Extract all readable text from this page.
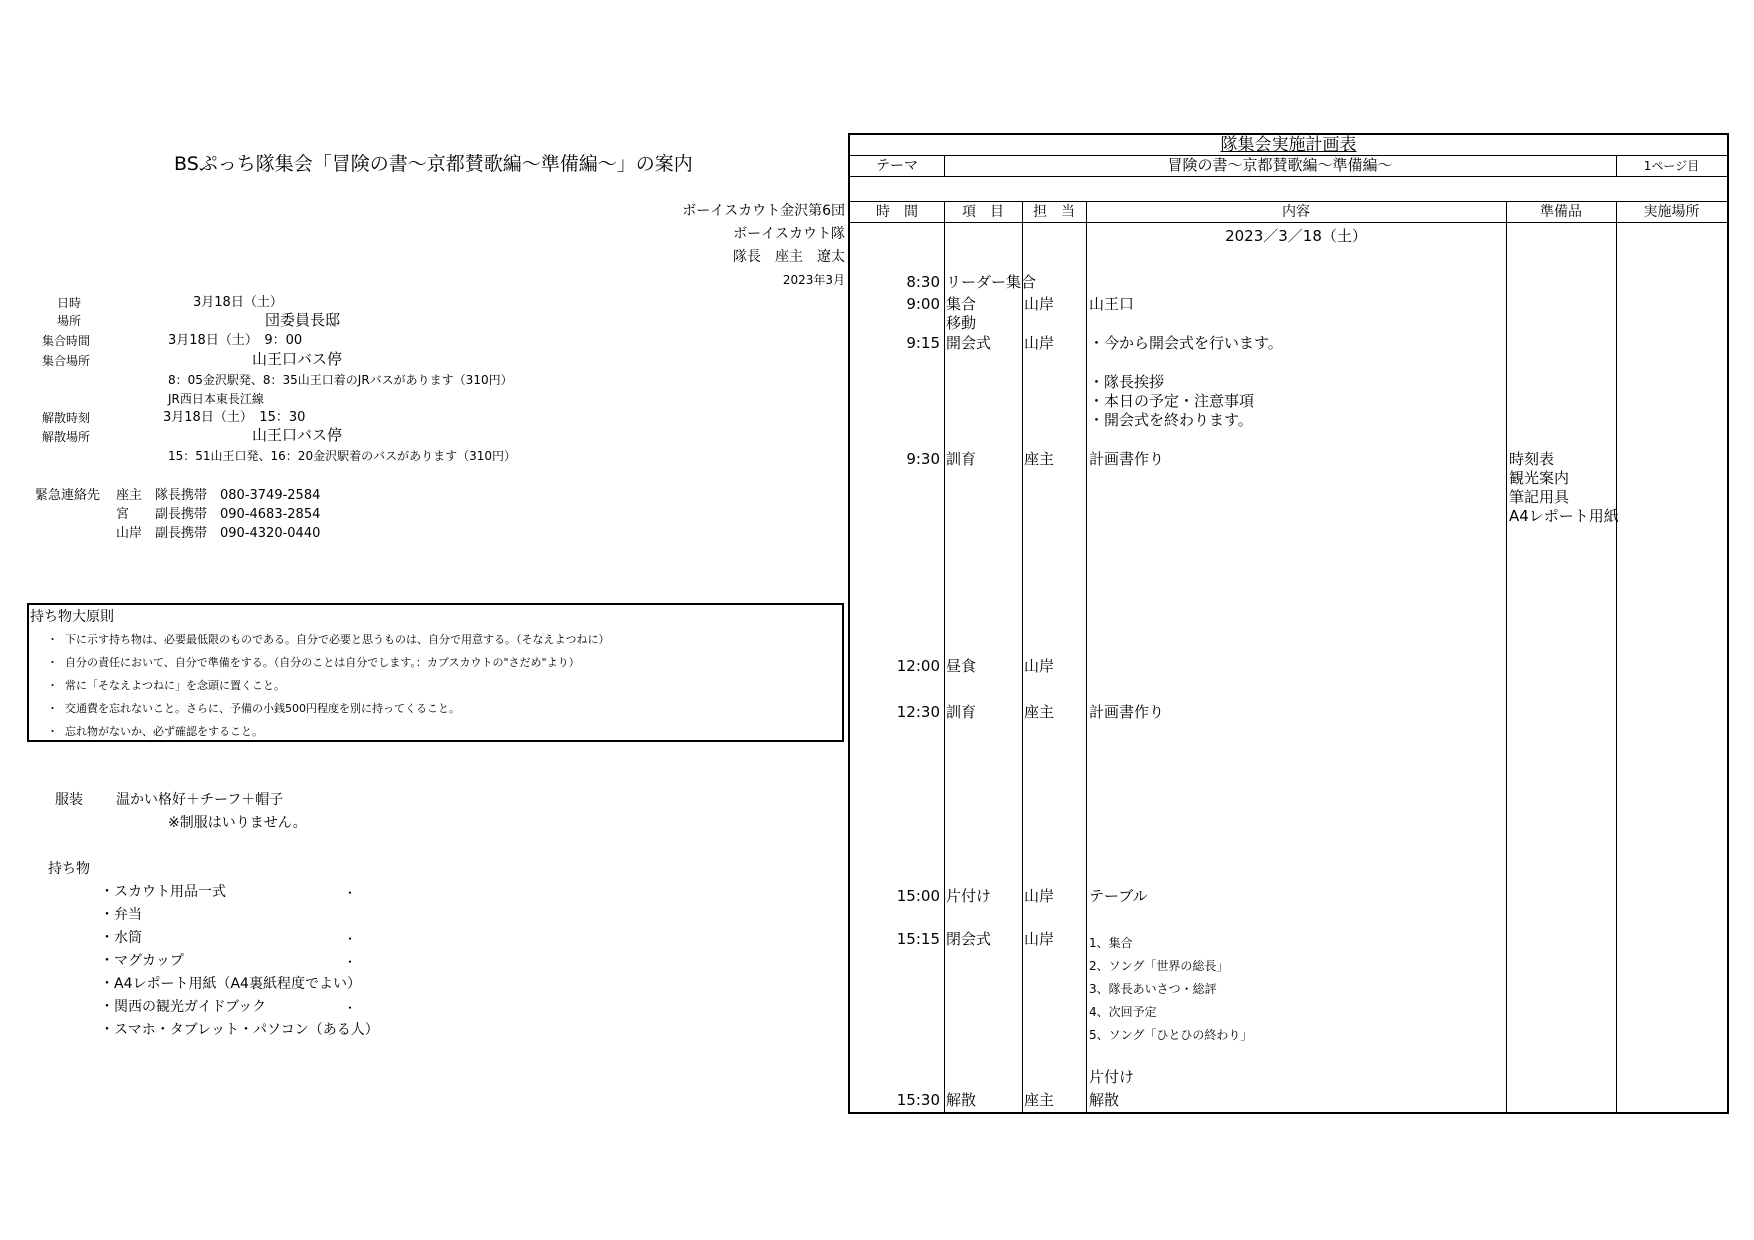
BSぷっち隊集会「冒険の書～京都賛歌編～準備編～」の案内
ボーイスカウト金沢第6団
ボーイスカウト隊
隊長　座主　遼太
2023年3月
日時	3月18日（土）
場所	団委員長邸
集合時間	3月18日（土）　9：00
集合場所	山王口バス停
8：05金沢駅発、8：35山王口着のJRバスがあります（310円）
JR西日本東長江線
解散時刻	3月18日（土）　15：30
解散場所	山王口バス停
15：51山王口発、16：20金沢駅着のバスがあります（310円）
緊急連絡先 座主　隊長携帯　080-3749-2584
宮　　副長携帯　090-4683-2854
山岸　副長携帯　090-4320-0440
持ち物大原則
・ 下に示す持ち物は、必要最低限のものである。自分で必要と思うものは、自分で用意する。（そなえよつねに）
・ 自分の責任において、自分で準備をする。（自分のことは自分でします。：カブスカウトの"さだめ"より）
・ 常に「そなえよつねに」を念頭に置くこと。
・ 交通費を忘れないこと。さらに、予備の小銭500円程度を別に持ってくること。
・ 忘れ物がないか、必ず確認をすること。
服装 温かい格好＋チーフ＋帽子
※制服はいりません。
持ち物
・スカウト用品一式
・弁当
・水筒
・マグカップ
・A4レポート用紙（A4裏紙程度でよい）
・関西の観光ガイドブック
・スマホ・タブレット・パソコン（ある人）
・
・
・
・
隊集会実施計画表
テーマ	冒険の書～京都賛歌編～準備編～	1ページ目
時　間	項　目	担　当	内容	準備品	実施場所
2023／3／18（土）
8:30 リーダー集合
9:00 集合	山岸 山王口
移動
9:15 開会式 山岸 ・今から開会式を行います。
・隊長挨拶
・本日の予定・注意事項
・開会式を終わります。
9:30 訓育	座主 計画書作り	時刻表
観光案内
筆記用具
A4レポート用紙
12:00 昼食	山岸
12:30 訓育	座主 計画書作り
15:00 片付け 山岸 テーブル
15:15 閉会式 山岸	1、集合
2、ソング「世界の総長」
3、隊長あいさつ・総評
4、次回予定
5、ソング「ひとひの終わり」
片付け
15:30 解散	座主 解散
